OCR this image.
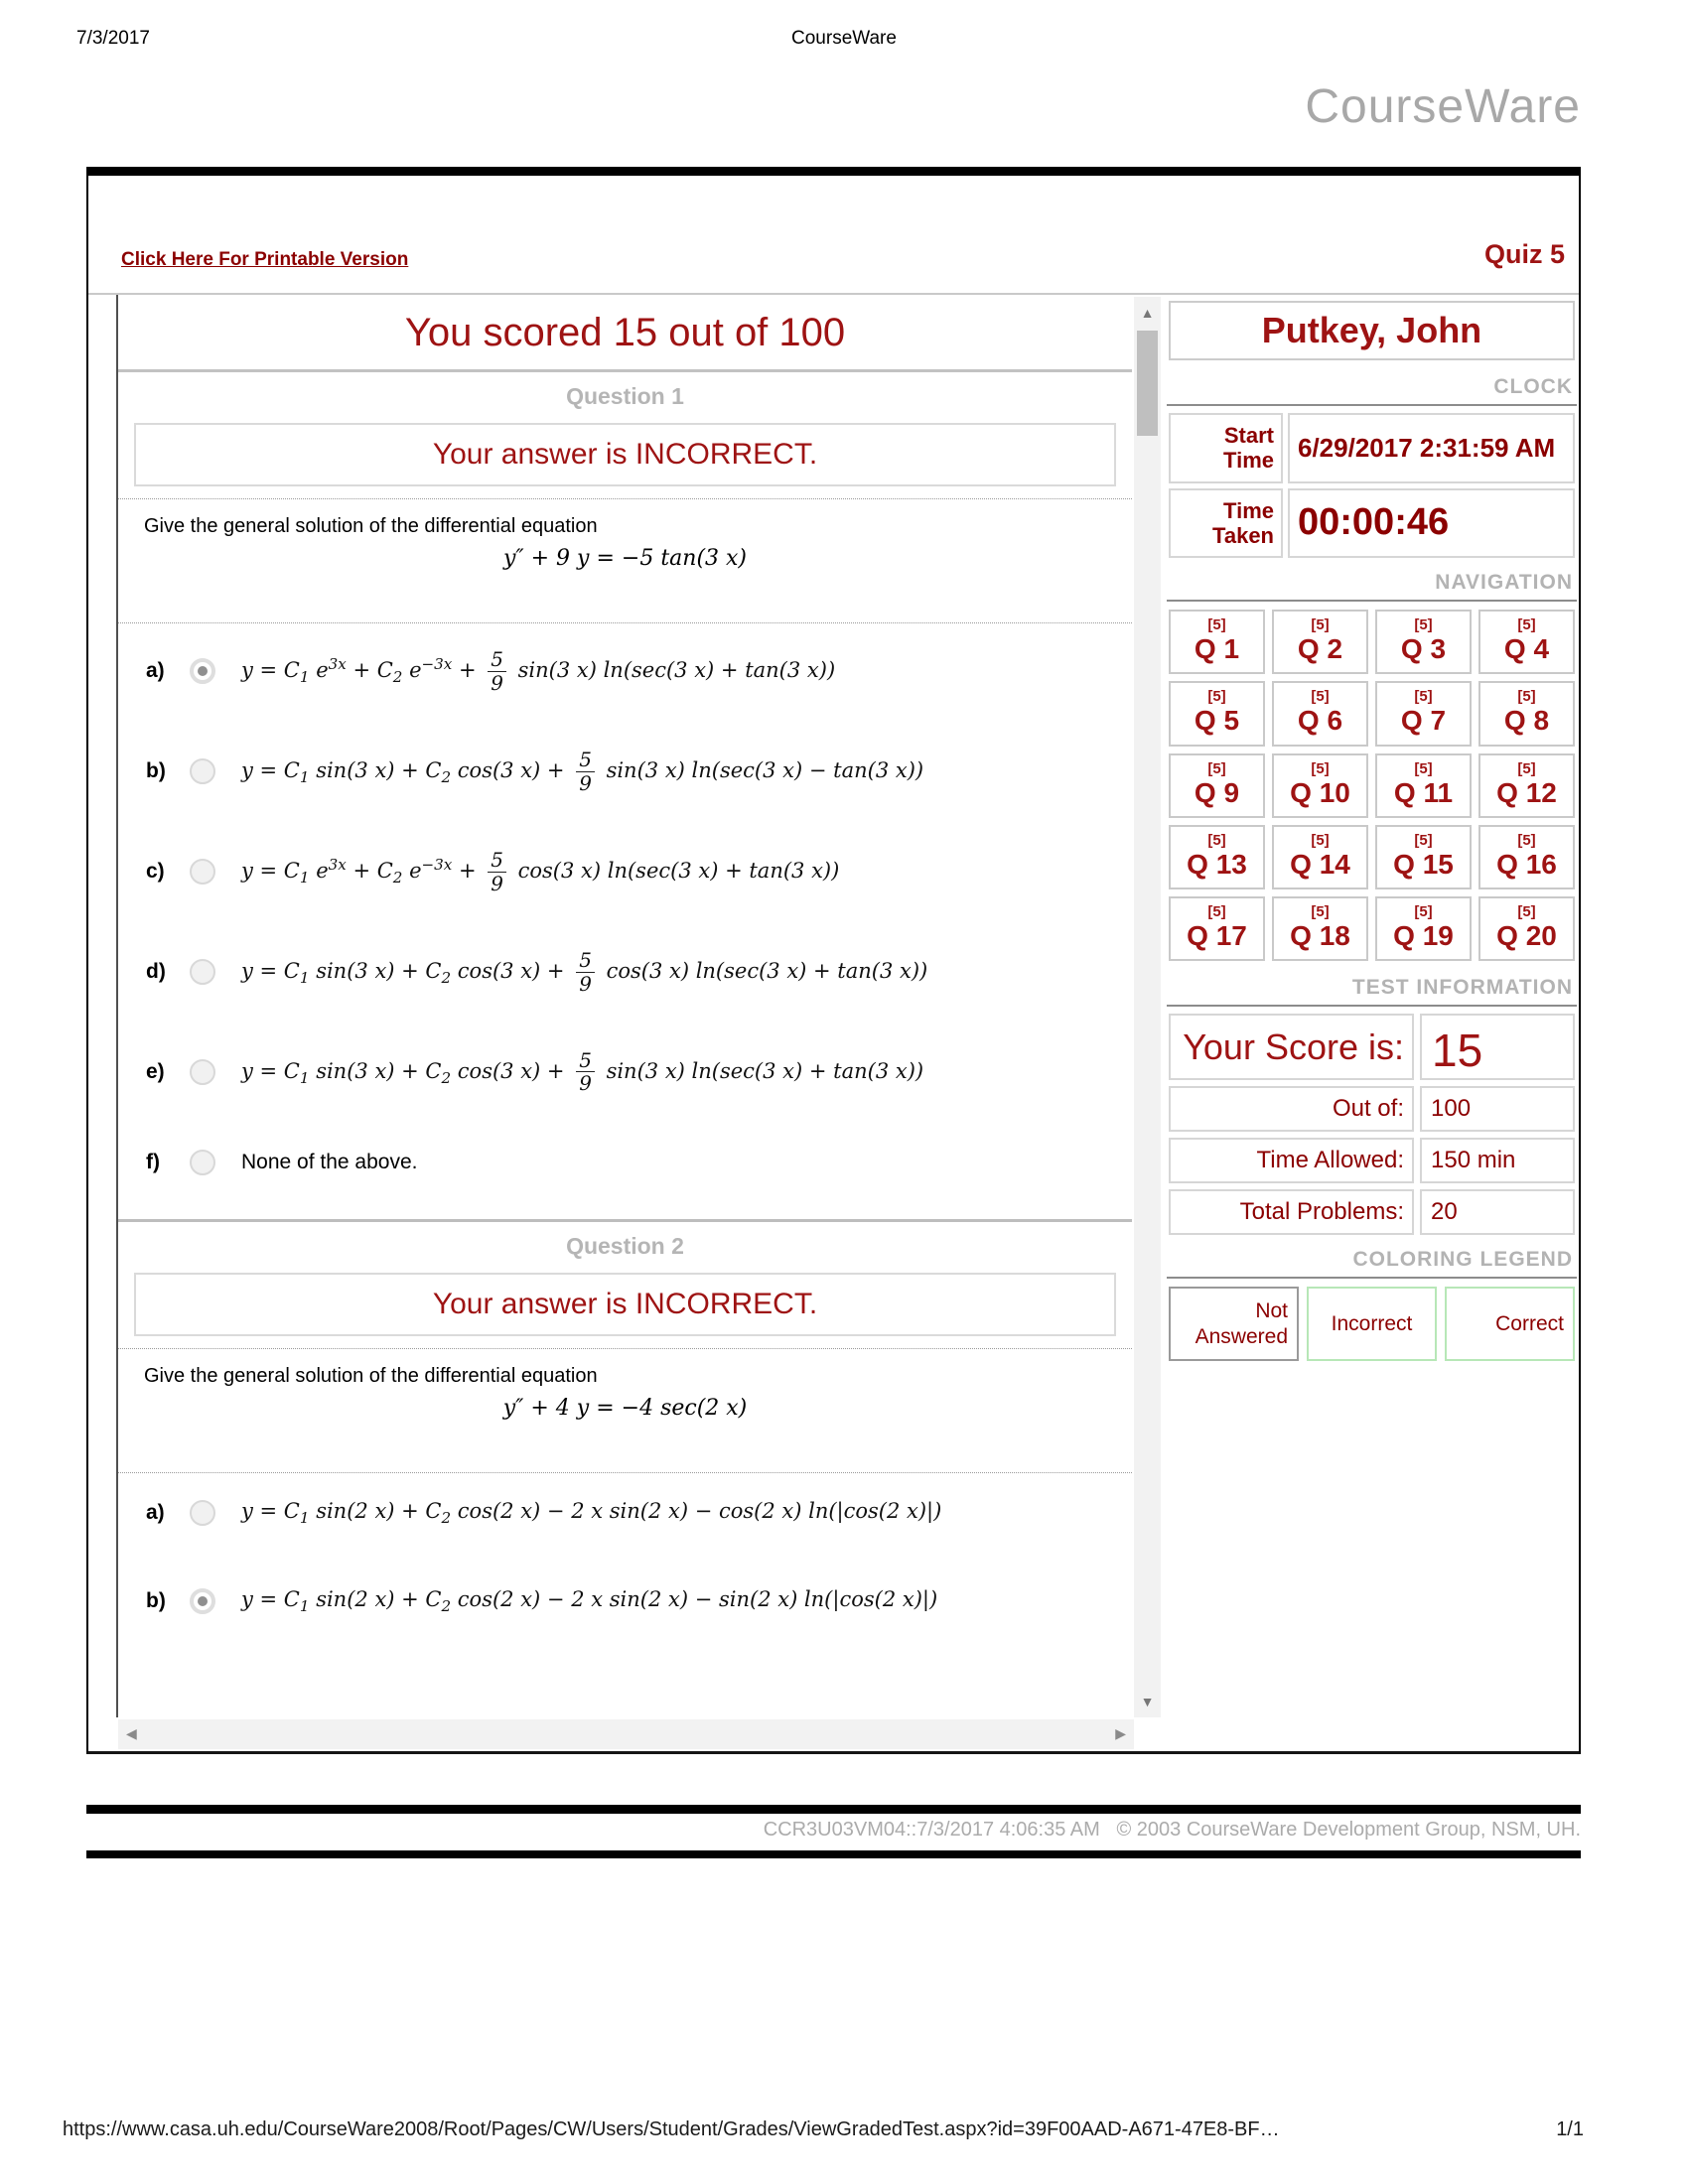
7/3/2017	CourseWare
CourseWare
Click Here For Printable Version	Quiz 5
You scored 15 out of 100
Question 1
Your answer is INCORRECT.
Give the general solution of the differential equation
y″ + 9 y = −5 tan(3 x)
a)	$y = C_1$ $e^{3x} + C_2$ $e^{-3x} + \frac{5}{9} \sin(3$ x) ln(sec(3 x) + tan(3 x))
b)	$y = C_1$ sin(3 $x) + C_2$ cos(3 $x) + \frac{5}{9} \sin(3$ x) ln(sec(3 x) − tan(3 x))
c)	$y = C_1$ $e^{3x} + C_2$ $e^{-3x} + \frac{5}{9} \cos(3$ x) ln(sec(3 x) + tan(3 x))
d)	$y = C_1$ sin(3 $x) + C_2$ cos(3 $x) + \frac{5}{9} \cos(3$ x) ln(sec(3 x) + tan(3 x))
e)	$y = C_1$ sin(3 $x) + C_2$ cos(3 $x) + \frac{5}{9} \sin(3$ x) ln(sec(3 x) + tan(3 x))
f)	None of the above.
Question 2
Your answer is INCORRECT.
Give the general solution of the differential equation
y″ + 4 y = −4 sec(2 x)
a)	$y = C_1$ sin(2 $x) + C_2$ cos(2 x) − 2 x sin(2 x) − cos(2 x) ln(|cos(2 x)|)
b)	$y = C_1$ sin(2 $x) + C_2$ cos(2 x) − 2 x sin(2 x) − sin(2 x) ln(|cos(2 x)|)
▲
▼
◀	▶
Putkey, John
CLOCK
Start Time 6/29/2017 2:31:59 AM
Time Taken 00:00:46
NAVIGATION
[5]
Q 1
[5]
Q 2
[5]
Q 3
[5]
Q 4
[5]
Q 5
[5]
Q 6
[5]
Q 7
[5]
Q 8
[5]
Q 9
[5]
Q 10
[5]
Q 11
[5]
Q 12
[5]
Q 13
[5]
Q 14
[5]
Q 15
[5]
Q 16
[5]
Q 17
[5]
Q 18
[5]
Q 19
[5]
Q 20
TEST INFORMATION
Your Score is: 15
Out of:	100
Time Allowed:	150 min
Total Problems:	20
COLORING LEGEND
Not Answered
Incorrect	Correct
CCR3U03VM04::7/3/2017 4:06:35 AM © 2003 CourseWare Development Group, NSM, UH.
https://www.casa.uh.edu/CourseWare2008/Root/Pages/CW/Users/Student/Grades/ViewGradedTest.aspx?id=39F00AAD-A671-47E8-BF…	1/1
